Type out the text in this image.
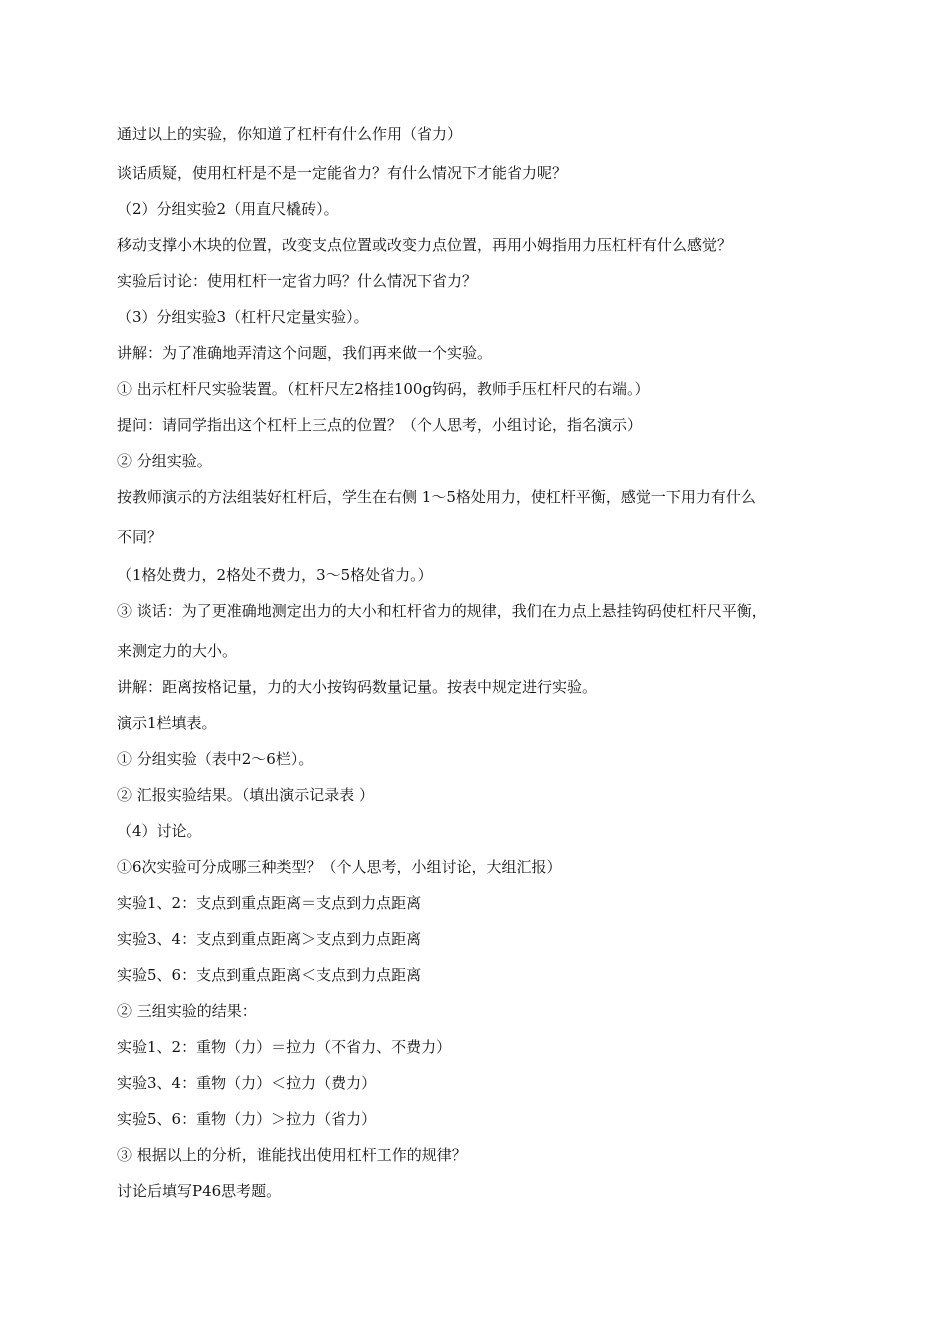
通过以上的实验，你知道了杠杆有什么作用（省力）
谈话质疑，使用杠杆是不是一定能省力？有什么情况下才能省力呢？
（2）分组实验2（用直尺橇砖）。
移动支撑小木块的位置，改变支点位置或改变力点位置，再用小姆指用力压杠杆有什么感觉？
实验后讨论：使用杠杆一定省力吗？什么情况下省力？
（3）分组实验3（杠杆尺定量实验）。
讲解：为了准确地弄清这个问题，我们再来做一个实验。
① 出示杠杆尺实验装置。（杠杆尺左2格挂100g钩码，教师手压杠杆尺的右端。）
提问：请同学指出这个杠杆上三点的位置？（个人思考，小组讨论，指名演示）
② 分组实验。
按教师演示的方法组装好杠杆后，学生在右侧 1～5格处用力，使杠杆平衡，感觉一下用力有什么
不同？
（1格处费力，2格处不费力，3～5格处省力。）
③ 谈话：为了更准确地测定出力的大小和杠杆省力的规律，我们在力点上悬挂钩码使杠杆尺平衡，
来测定力的大小。
讲解：距离按格记量，力的大小按钩码数量记量。按表中规定进行实验。
演示1栏填表。
① 分组实验（表中2～6栏）。
② 汇报实验结果。（填出演示记录表 ）
（4）讨论。
①6次实验可分成哪三种类型？（个人思考，小组讨论，大组汇报）
实验1、2：支点到重点距离＝支点到力点距离
实验3、4：支点到重点距离＞支点到力点距离
实验5、6：支点到重点距离＜支点到力点距离
② 三组实验的结果：
实验1、2：重物（力）＝拉力（不省力、不费力）
实验3、4：重物（力）＜拉力（费力）
实验5、6：重物（力）＞拉力（省力）
③ 根据以上的分析，谁能找出使用杠杆工作的规律？
讨论后填写P46思考题。
